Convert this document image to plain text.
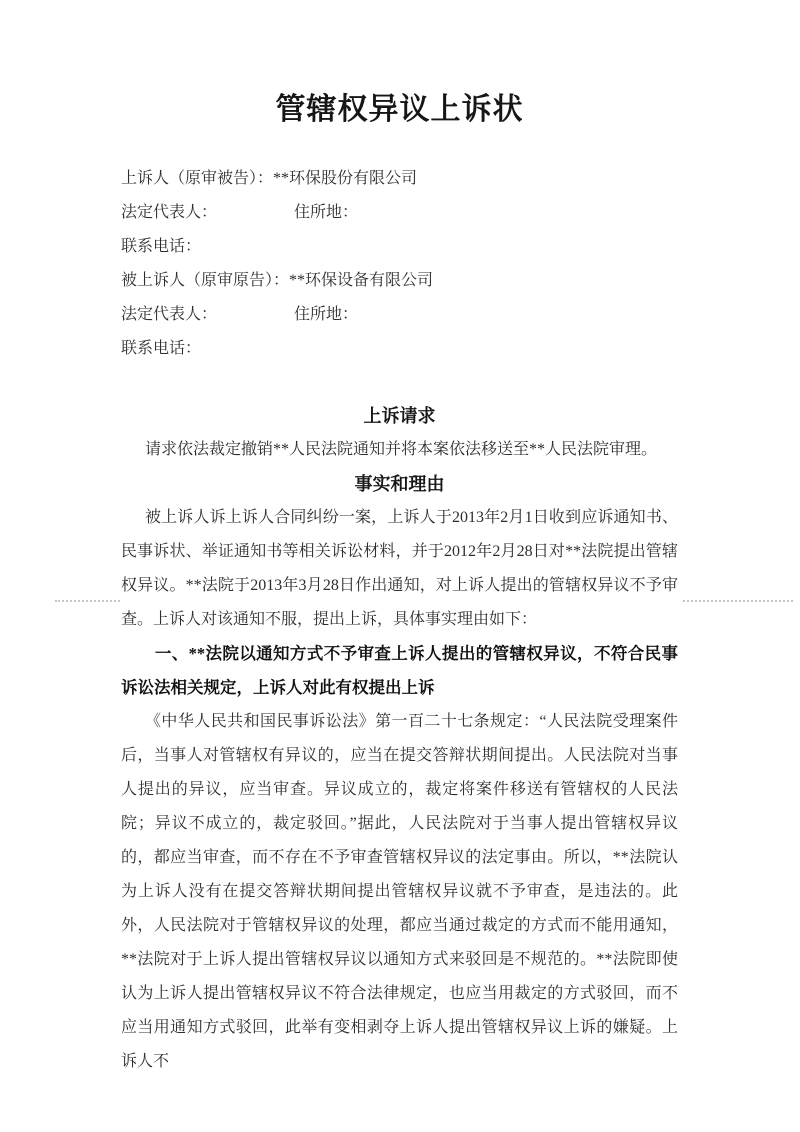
管辖权异议上诉状
上诉人（原审被告）：**环保股份有限公司
法定代表人：	住所地：
联系电话：
被上诉人（原审原告）：**环保设备有限公司
法定代表人：	住所地：
联系电话：
上诉请求

请求依法裁定撤销**人民法院通知并将本案依法移送至**人民法院审理。

事实和理由

被上诉人诉上诉人合同纠纷一案，上诉人于2013年2月1日收到应诉通知书、民事诉状、举证通知书等相关诉讼材料，并于2012年2月28日对**法院提出管辖权异议。**法院于2013年3月28日作出通知，对上诉人提出的管辖权异议不予审查。上诉人对该通知不服，提出上诉，具体事实理由如下：

一、**法院以通知方式不予审查上诉人提出的管辖权异议，不符合民事诉讼法相关规定，上诉人对此有权提出上诉

《中华人民共和国民事诉讼法》第一百二十七条规定：“人民法院受理案件后，当事人对管辖权有异议的，应当在提交答辩状期间提出。人民法院对当事人提出的异议，应当审查。异议成立的，裁定将案件移送有管辖权的人民法院；异议不成立的，裁定驳回。”据此，人民法院对于当事人提出管辖权异议的，都应当审查，而不存在不予审查管辖权异议的法定事由。所以，**法院认为上诉人没有在提交答辩状期间提出管辖权异议就不予审查，是违法的。此外，人民法院对于管辖权异议的处理，都应当通过裁定的方式而不能用通知，**法院对于上诉人提出管辖权异议以通知方式来驳回是不规范的。**法院即使认为上诉人提出管辖权异议不符合法律规定，也应当用裁定的方式驳回，而不应当用通知方式驳回，此举有变相剥夺上诉人提出管辖权异议上诉的嫌疑。上诉人不
